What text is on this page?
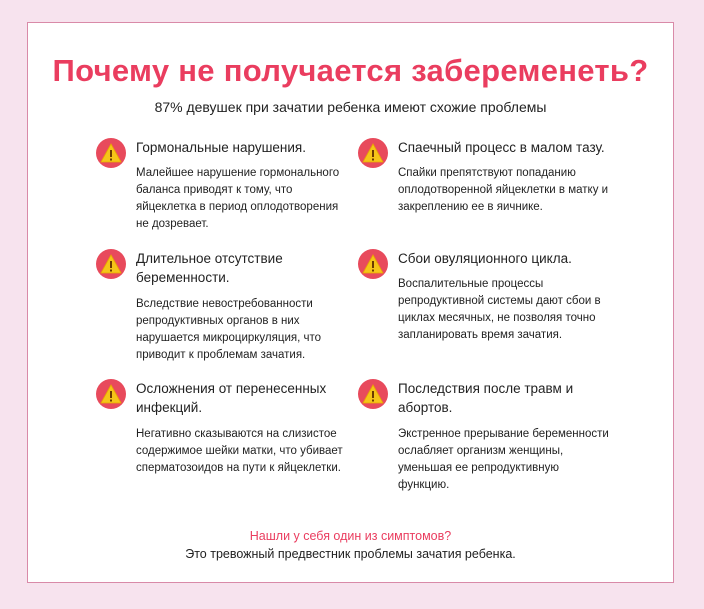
Почему не получается забеременеть?
87% девушек при зачатии ребенка имеют схожие проблемы
Гормональные нарушения.

Малейшее нарушение гормонального баланса приводят к тому, что яйцеклетка в период оплодотворения не дозревает.

Спаечный процесс в малом тазу.

Спайки препятствуют попаданию оплодотворенной яйцеклетки в матку и закреплению ее в яичнике.

Длительное отсутствие беременности.

Вследствие невостребованности репродуктивных органов в них нарушается микроциркуляция, что приводит к проблемам зачатия.

Сбои овуляционного цикла.

Воспалительные процессы репродуктивной системы дают сбои в циклах месячных, не позволяя точно запланировать время зачатия.

Осложнения от перенесенных инфекций.

Негативно сказываются на слизистое содержимое шейки матки, что убивает сперматозоидов на пути к яйцеклетки.

Последствия после травм и абортов.

Экстренное прерывание беременности ослабляет организм женщины, уменьшая ее репродуктивную функцию.

Нашли у себя один из симптомов?
Это тревожный предвестник проблемы зачатия ребенка.
